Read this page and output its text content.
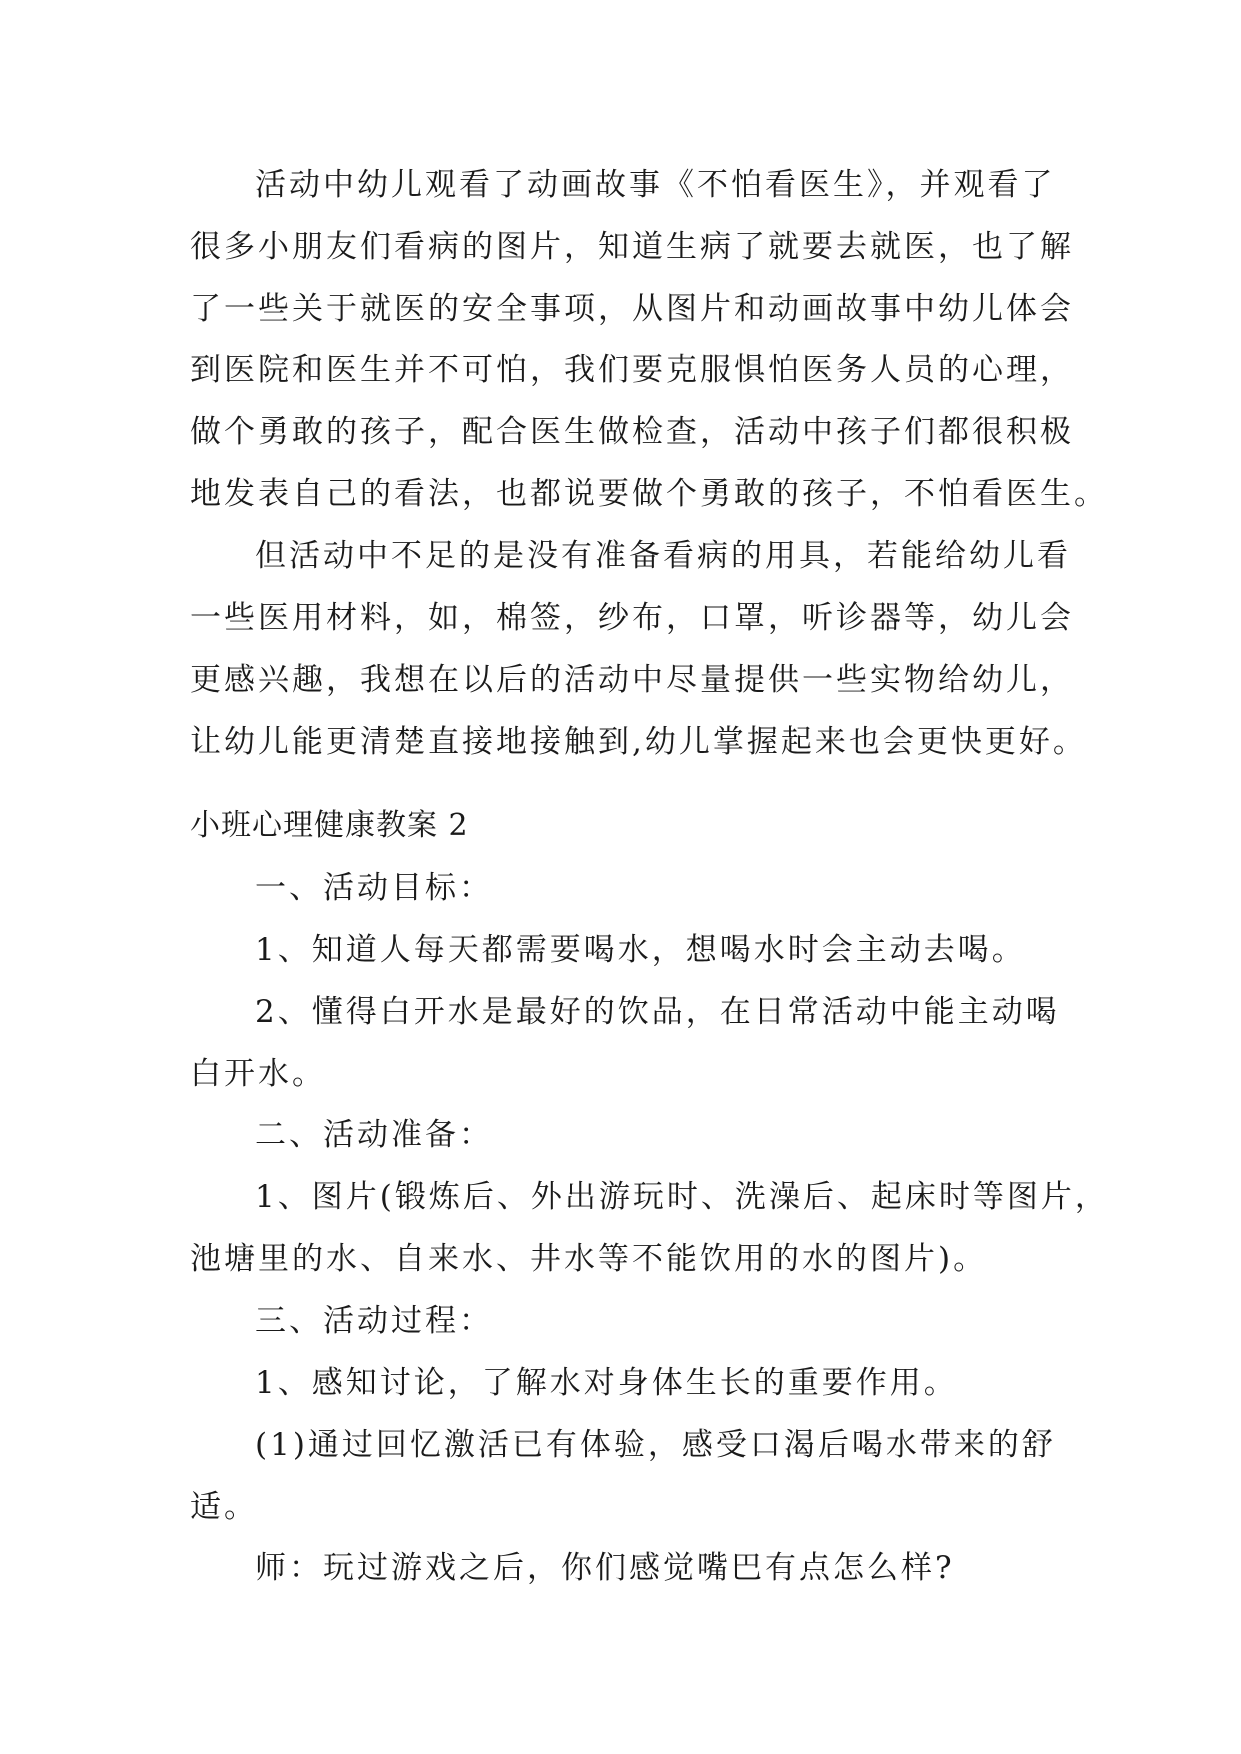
活动中幼儿观看了动画故事《不怕看医生》，并观看了
很多小朋友们看病的图片，知道生病了就要去就医，也了解
了一些关于就医的安全事项，从图片和动画故事中幼儿体会
到医院和医生并不可怕，我们要克服惧怕医务人员的心理，
做个勇敢的孩子，配合医生做检查，活动中孩子们都很积极
地发表自己的看法，也都说要做个勇敢的孩子，不怕看医生。
但活动中不足的是没有准备看病的用具，若能给幼儿看
一些医用材料，如，棉签，纱布，口罩，听诊器等，幼儿会
更感兴趣，我想在以后的活动中尽量提供一些实物给幼儿，
让幼儿能更清楚直接地接触到,幼儿掌握起来也会更快更好。
小班心理健康教案 2
一、活动目标：
1、知道人每天都需要喝水，想喝水时会主动去喝。
2、懂得白开水是最好的饮品，在日常活动中能主动喝
白开水。
二、活动准备：
1、图片(锻炼后、外出游玩时、洗澡后、起床时等图片，
池塘里的水、自来水、井水等不能饮用的水的图片)。
三、活动过程：
1、感知讨论，了解水对身体生长的重要作用。
(1)通过回忆激活已有体验，感受口渴后喝水带来的舒
适。
师：玩过游戏之后，你们感觉嘴巴有点怎么样?
